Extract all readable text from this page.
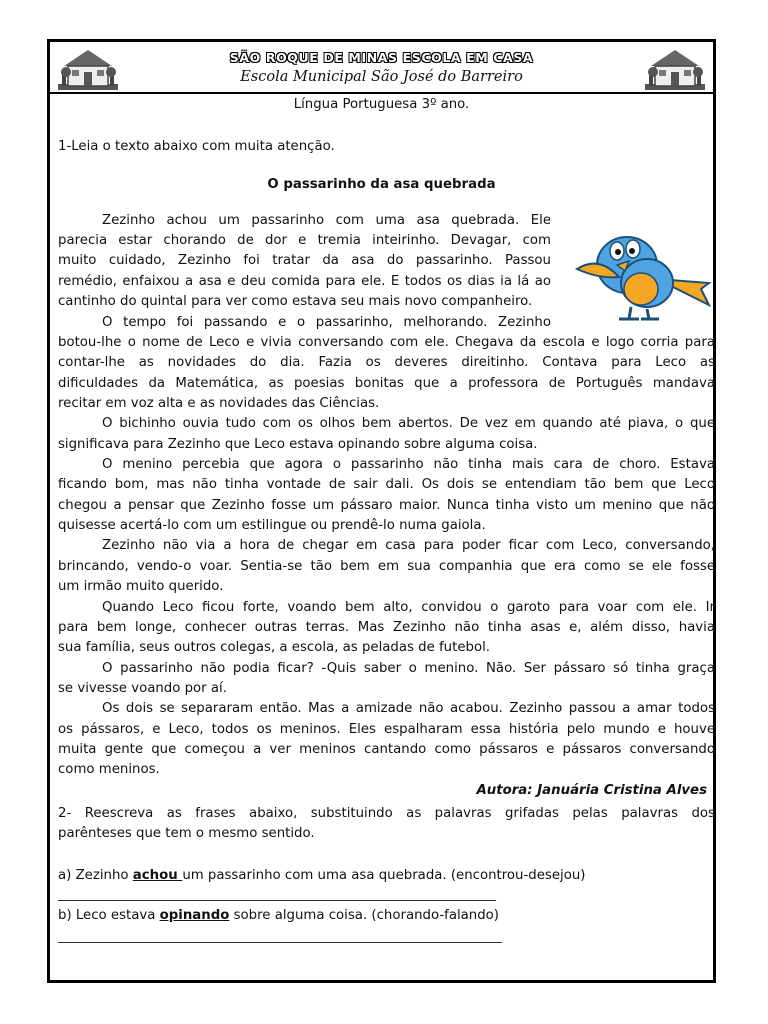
SÃO ROQUE DE MINAS ESCOLA EM CASA
Escola Municipal São José do Barreiro
Língua Portuguesa 3º ano.
1-Leia o texto abaixo com muita atenção.
O passarinho da asa quebrada
Zezinho achou um passarinho com uma asa quebrada. Ele
parecia estar chorando de dor e tremia inteirinho. Devagar, com
muito cuidado, Zezinho foi tratar da asa do passarinho. Passou
remédio, enfaixou a asa e deu comida para ele. E todos os dias ia lá ao
cantinho do quintal para ver como estava seu mais novo companheiro.
O tempo foi passando e o passarinho, melhorando. Zezinho
botou-lhe o nome de Leco e vivia conversando com ele. Chegava da escola e logo corria para
contar-lhe as novidades do dia. Fazia os deveres direitinho. Contava para Leco as
dificuldades da Matemática, as poesias bonitas que a professora de Português mandava
recitar em voz alta e as novidades das Ciências.
O bichinho ouvia tudo com os olhos bem abertos. De vez em quando até piava, o que
significava para Zezinho que Leco estava opinando sobre alguma coisa.
O menino percebia que agora o passarinho não tinha mais cara de choro. Estava
ficando bom, mas não tinha vontade de sair dali. Os dois se entendiam tão bem que Leco
chegou a pensar que Zezinho fosse um pássaro maior. Nunca tinha visto um menino que não
quisesse acertá-lo com um estilingue ou prendê-lo numa gaiola.
Zezinho não via a hora de chegar em casa para poder ficar com Leco, conversando,
brincando, vendo-o voar. Sentia-se tão bem em sua companhia que era como se ele fosse
um irmão muito querido.
Quando Leco ficou forte, voando bem alto, convidou o garoto para voar com ele. Ir
para bem longe, conhecer outras terras. Mas Zezinho não tinha asas e, além disso, havia
sua família, seus outros colegas, a escola, as peladas de futebol.
O passarinho não podia ficar? -Quis saber o menino. Não. Ser pássaro só tinha graça
se vivesse voando por aí.
Os dois se separaram então. Mas a amizade não acabou. Zezinho passou a amar todos
os pássaros, e Leco, todos os meninos. Eles espalharam essa história pelo mundo e houve
muita gente que começou a ver meninos cantando como pássaros e pássaros conversando
como meninos.
Autora: Januária Cristina Alves
2- Reescreva as frases abaixo, substituindo as palavras grifadas pelas palavras dos
parênteses que tem o mesmo sentido.
a) Zezinho achou um passarinho com uma asa quebrada. (encontrou-desejou)
_________________________________________________________________________
b) Leco estava opinando sobre alguma coisa. (chorando-falando)
__________________________________________________________________________
